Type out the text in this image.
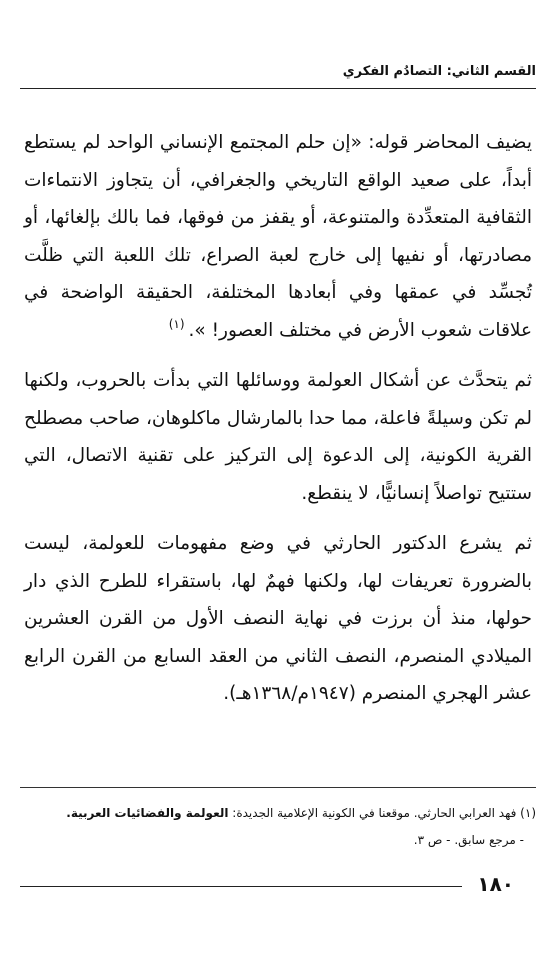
القسم الثاني: التصادُم الفكري

يضيف المحاضر قوله: «إن حلم المجتمع الإنساني الواحد لم يستطع أبداً، على صعيد الواقع التاريخي والجغرافي، أن يتجاوز الانتماءات الثقافية المتعدِّدة والمتنوعة، أو يقفز من فوقها، فما بالك بإلغائها، أو مصادرتها، أو نفيها إلى خارج لعبة الصراع، تلك اللعبة التي ظلَّت تُجسِّد في عمقها وفي أبعادها المختلفة، الحقيقة الواضحة في علاقات شعوب الأرض في مختلف العصور! ».$^{(١)}$

ثم يتحدَّث عن أشكال العولمة ووسائلها التي بدأت بالحروب، ولكنها لم تكن وسيلةً فاعلة، مما حدا بالمارشال ماكلوهان، صاحب مصطلح القرية الكونية، إلى الدعوة إلى التركيز على تقنية الاتصال، التي ستتيح تواصلاً إنسانيًّا، لا ينقطع.

ثم يشرع الدكتور الحارثي في وضع مفهومات للعولمة، ليست بالضرورة تعريفات لها، ولكنها فهمٌ لها، باستقراء للطرح الذي دار حولها، منذ أن برزت في نهاية النصف الأول من القرن العشرين الميلادي المنصرم، النصف الثاني من العقد السابع من القرن الرابع عشر الهجري المنصرم (١٩٤٧م/١٣٦٨هـ).

(١) فهد العرابي الحارثي. موقعنا في الكونية الإعلامية الجديدة: العولمة والفضائيات العربية.
- مرجع سابق. - ص ٣.
١٨٠
